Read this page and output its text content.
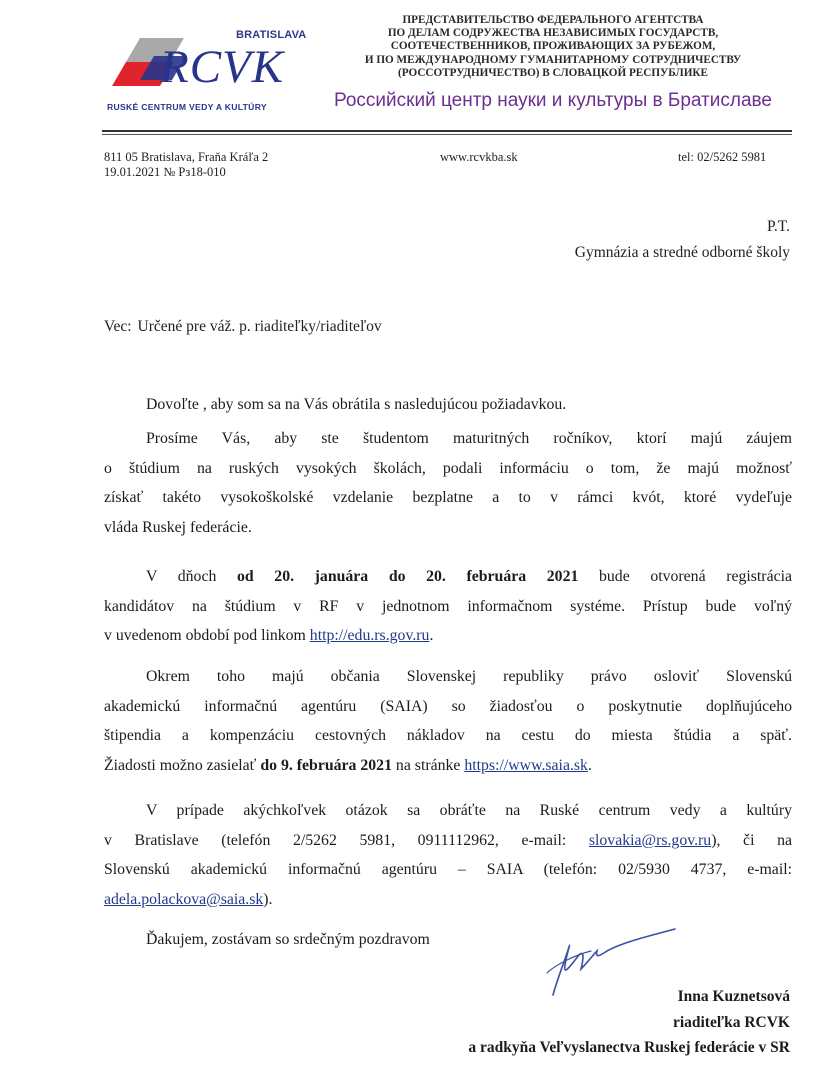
BRATISLAVA
RCVK
RUSKÉ CENTRUM VEDY A KULTÚRY
ПРЕДСТАВИТЕЛЬСТВО ФЕДЕРАЛЬНОГО АГЕНТСТВА
ПО ДЕЛАМ СОДРУЖЕСТВА НЕЗАВИСИМЫХ ГОСУДАРСТВ,
СООТЕЧЕСТВЕННИКОВ, ПРОЖИВАЮЩИХ ЗА РУБЕЖОМ,
И ПО МЕЖДУНАРОДНОМУ ГУМАНИТАРНОМУ СОТРУДНИЧЕСТВУ
(РОССОТРУДНИЧЕСТВО) В СЛОВАЦКОЙ РЕСПУБЛИКЕ
Российский центр науки и культуры в Братиславе
811 05 Bratislava, Fraňa Kráľa 2
19.01.2021 № Рз18-010
www.rcvkba.sk	tel: 02/5262 5981
P.T.
Gymnázia a stredné odborné školy
Vec: Určené pre váž. p. riaditeľky/riaditeľov
Dovoľte , aby som sa na Vás obrátila s nasledujúcou požiadavkou.
Prosíme Vás, aby ste študentom maturitných ročníkov, ktorí majú záujem
o štúdium na ruských vysokých školách, podali informáciu o tom, že majú možnosť
získať takéto vysokoškolské vzdelanie bezplatne a to v rámci kvót, ktoré vydeľuje
vláda Ruskej federácie.
V dňoch od 20. januára do 20. februára 2021 bude otvorená registrácia
kandidátov na štúdium v RF v jednotnom informačnom systéme. Prístup bude voľný
v uvedenom období pod linkom http://edu.rs.gov.ru.
Okrem toho majú občania Slovenskej republiky právo osloviť Slovenskú
akademickú informačnú agentúru (SAIA) so žiadosťou o poskytnutie doplňujúceho
štipendia a kompenzáciu cestovných nákladov na cestu do miesta štúdia a späť.
Žiadosti možno zasielať do 9. februára 2021 na stránke https://www.saia.sk.
V prípade akýchkoľvek otázok sa obráťte na Ruské centrum vedy a kultúry
v Bratislave (telefón 2/5262 5981, 0911112962, e-mail: slovakia@rs.gov.ru), či na
Slovenskú akademickú informačnú agentúru – SAIA (telefón: 02/5930 4737, e-mail:
adela.polackova@saia.sk).
Ďakujem, zostávam so srdečným pozdravom
Inna Kuznetsová
riaditeľka RCVK
a radkyňa Veľvyslanectva Ruskej federácie v SR
